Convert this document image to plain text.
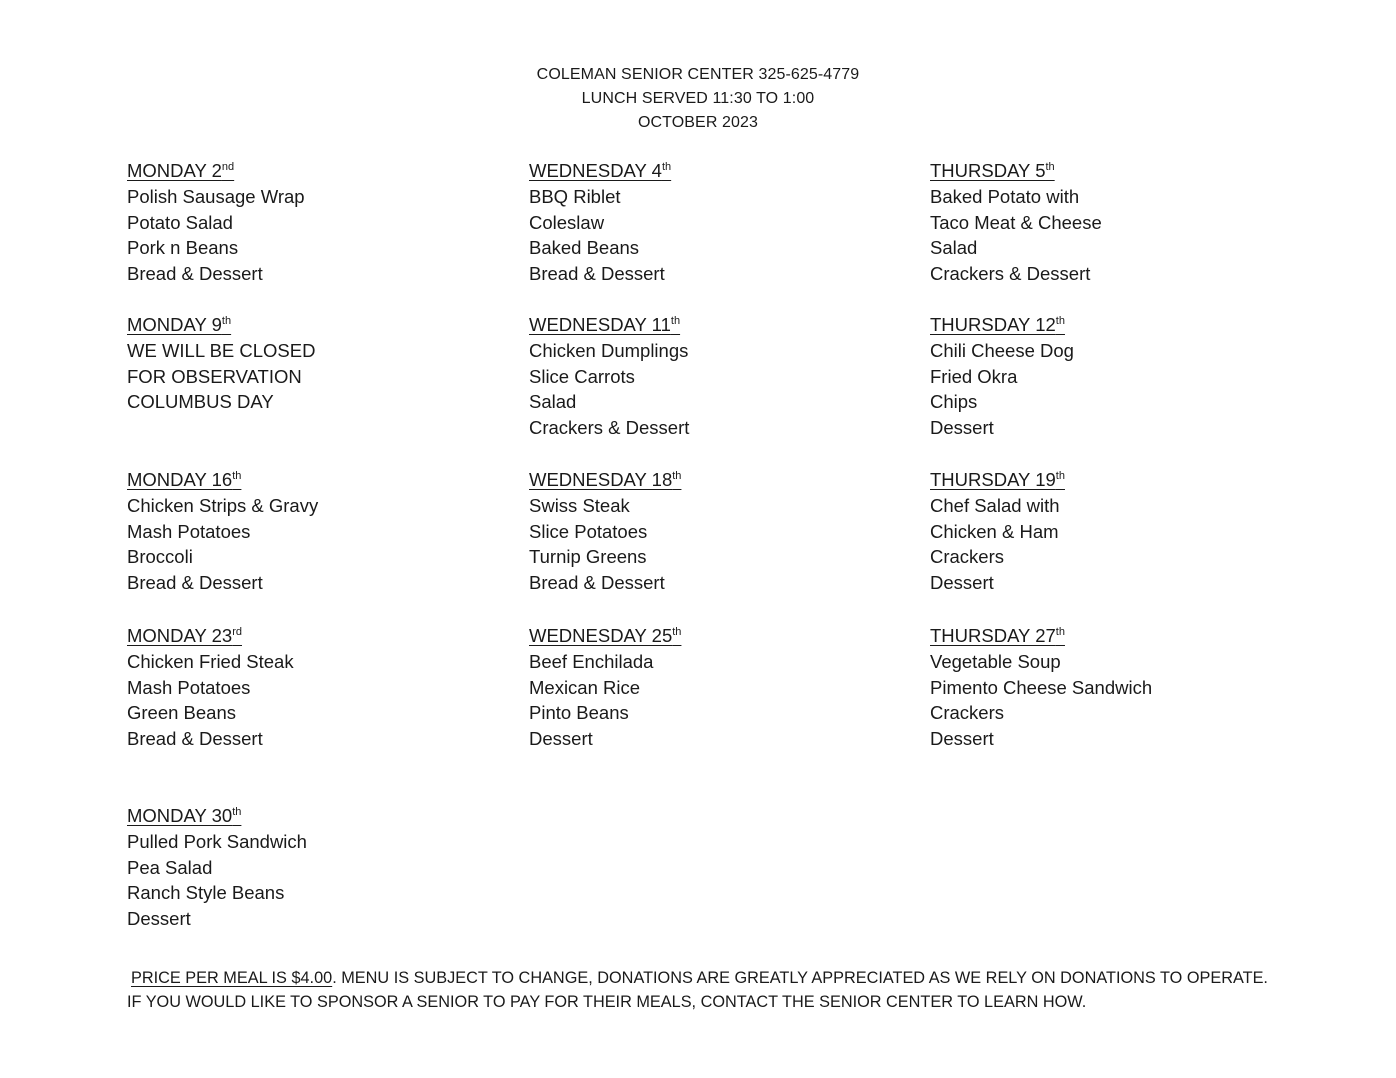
COLEMAN SENIOR CENTER 325-625-4779
LUNCH SERVED 11:30 TO 1:00
OCTOBER 2023
MONDAY 2nd
Polish Sausage Wrap
Potato Salad
Pork n Beans
Bread & Dessert
WEDNESDAY 4th
BBQ Riblet
Coleslaw
Baked Beans
Bread & Dessert
THURSDAY 5th
Baked Potato with
Taco Meat & Cheese
Salad
Crackers & Dessert
MONDAY 9th
WE WILL BE CLOSED
FOR OBSERVATION
COLUMBUS DAY
WEDNESDAY 11th
Chicken Dumplings
Slice Carrots
Salad
Crackers & Dessert
THURSDAY 12th
Chili Cheese Dog
Fried Okra
Chips
Dessert
MONDAY 16th
Chicken Strips & Gravy
Mash Potatoes
Broccoli
Bread & Dessert
WEDNESDAY 18th
Swiss Steak
Slice Potatoes
Turnip Greens
Bread & Dessert
THURSDAY 19th
Chef Salad with
Chicken & Ham
Crackers
Dessert
MONDAY 23rd
Chicken Fried Steak
Mash Potatoes
Green Beans
Bread & Dessert
WEDNESDAY 25th
Beef Enchilada
Mexican Rice
Pinto Beans
Dessert
THURSDAY 27th
Vegetable Soup
Pimento Cheese Sandwich
Crackers
Dessert
MONDAY 30th
Pulled Pork Sandwich
Pea Salad
Ranch Style Beans
Dessert
PRICE PER MEAL IS $4.00. MENU IS SUBJECT TO CHANGE, DONATIONS ARE GREATLY APPRECIATED AS WE RELY ON DONATIONS TO OPERATE.
IF YOU WOULD LIKE TO SPONSOR A SENIOR TO PAY FOR THEIR MEALS, CONTACT THE SENIOR CENTER TO LEARN HOW.
